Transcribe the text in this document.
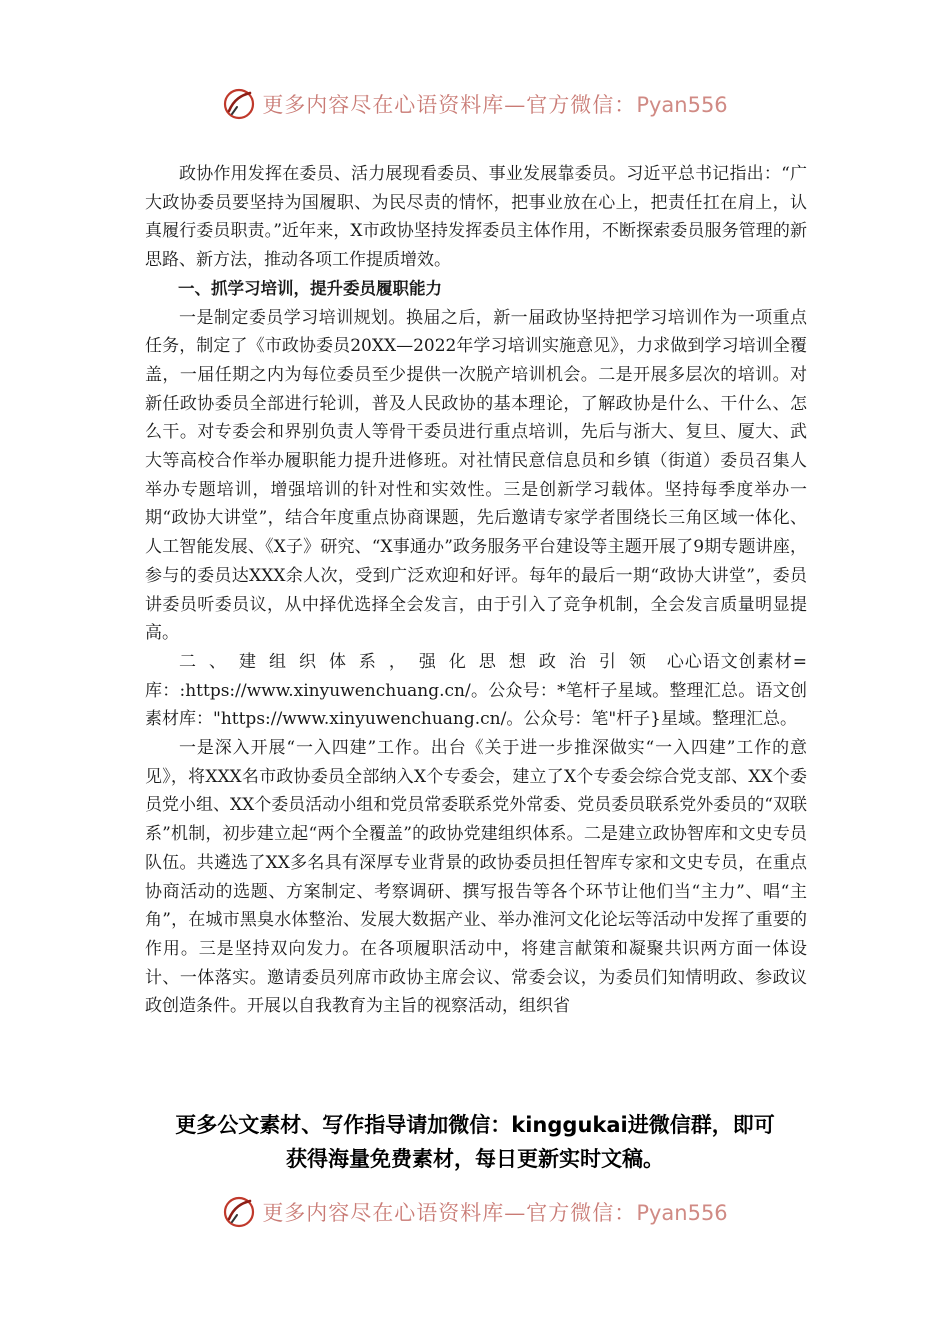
更多内容尽在心语资料库—官方微信：Pyan556

政协作用发挥在委员、活力展现看委员、事业发展靠委员。习近平总书记指出：“广大政协委员要坚持为国履职、为民尽责的情怀，把事业放在心上，把责任扛在肩上，认真履行委员职责。”近年来，X市政协坚持发挥委员主体作用，不断探索委员服务管理的新思路、新方法，推动各项工作提质增效。

一、抓学习培训，提升委员履职能力

一是制定委员学习培训规划。换届之后，新一届政协坚持把学习培训作为一项重点任务，制定了《市政协委员20XX—2022年学习培训实施意见》，力求做到学习培训全覆盖，一届任期之内为每位委员至少提供一次脱产培训机会。二是开展多层次的培训。对新任政协委员全部进行轮训，普及人民政协的基本理论，了解政协是什么、干什么、怎么干。对专委会和界别负责人等骨干委员进行重点培训，先后与浙大、复旦、厦大、武大等高校合作举办履职能力提升进修班。对社情民意信息员和乡镇（街道）委员召集人举办专题培训，增强培训的针对性和实效性。三是创新学习载体。坚持每季度举办一期“政协大讲堂”，结合年度重点协商课题，先后邀请专家学者围绕长三角区域一体化、人工智能发展、《X子》研究、“X事通办”政务服务平台建设等主题开展了9期专题讲座，参与的委员达XXX余人次，受到广泛欢迎和好评。每年的最后一期“政协大讲堂”，委员讲委员听委员议，从中择优选择全会发言，由于引入了竞争机制，全会发言质量明显提高。

二、建组织体系，强化思想政治引领 心心语文创素材=库：:https://www.xinyuwenchuang.cn/。公众号：*笔杆子星域。整理汇总。语文创素材库："https://www.xinyuwenchuang.cn/。公众号：笔"杆子}星域。整理汇总。

一是深入开展“一入四建”工作。出台《关于进一步推深做实“一入四建”工作的意见》，将XXX名市政协委员全部纳入X个专委会，建立了X个专委会综合党支部、XX个委员党小组、XX个委员活动小组和党员常委联系党外常委、党员委员联系党外委员的“双联系”机制，初步建立起“两个全覆盖”的政协党建组织体系。二是建立政协智库和文史专员队伍。共遴选了XX多名具有深厚专业背景的政协委员担任智库专家和文史专员，在重点协商活动的选题、方案制定、考察调研、撰写报告等各个环节让他们当“主力”、唱“主角”，在城市黑臭水体整治、发展大数据产业、举办淮河文化论坛等活动中发挥了重要的作用。三是坚持双向发力。在各项履职活动中，将建言献策和凝聚共识两方面一体设计、一体落实。邀请委员列席市政协主席会议、常委会议，为委员们知情明政、参政议政创造条件。开展以自我教育为主旨的视察活动，组织省

更多公文素材、写作指导请加微信：kinggukai进微信群，即可
获得海量免费素材，每日更新实时文稿。
更多内容尽在心语资料库—官方微信：Pyan556
